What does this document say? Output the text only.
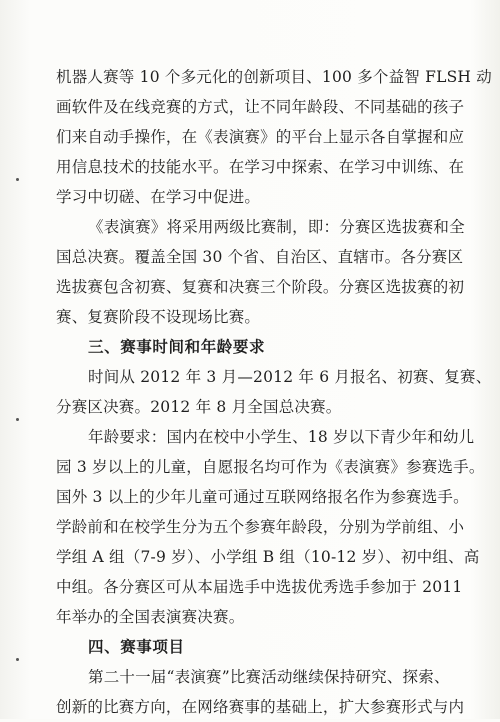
机器人赛等 10 个多元化的创新项目、100 多个益智 FLSH 动
画软件及在线竞赛的方式，让不同年龄段、不同基础的孩子
们来自动手操作，在《表演赛》的平台上显示各自掌握和应
用信息技术的技能水平。在学习中探索、在学习中训练、在
学习中切磋、在学习中促进。
《表演赛》将采用两级比赛制，即：分赛区选拔赛和全
国总决赛。覆盖全国 30 个省、自治区、直辖市。各分赛区
选拔赛包含初赛、复赛和决赛三个阶段。分赛区选拔赛的初
赛、复赛阶段不设现场比赛。
三、赛事时间和年龄要求
时间从 2012 年 3 月—2012 年 6 月报名、初赛、复赛、
分赛区决赛。2012 年 8 月全国总决赛。
年龄要求：国内在校中小学生、18 岁以下青少年和幼儿
园 3 岁以上的儿童，自愿报名均可作为《表演赛》参赛选手。
国外 3 以上的少年儿童可通过互联网络报名作为参赛选手。
学龄前和在校学生分为五个参赛年龄段，分别为学前组、小
学组 A 组（7-9 岁）、小学组 B 组（10-12 岁）、初中组、高
中组。各分赛区可从本届选手中选拔优秀选手参加于 2011
年举办的全国表演赛决赛。
四、赛事项目
第二十一届“表演赛”比赛活动继续保持研究、探索、
创新的比赛方向，在网络赛事的基础上，扩大参赛形式与内
